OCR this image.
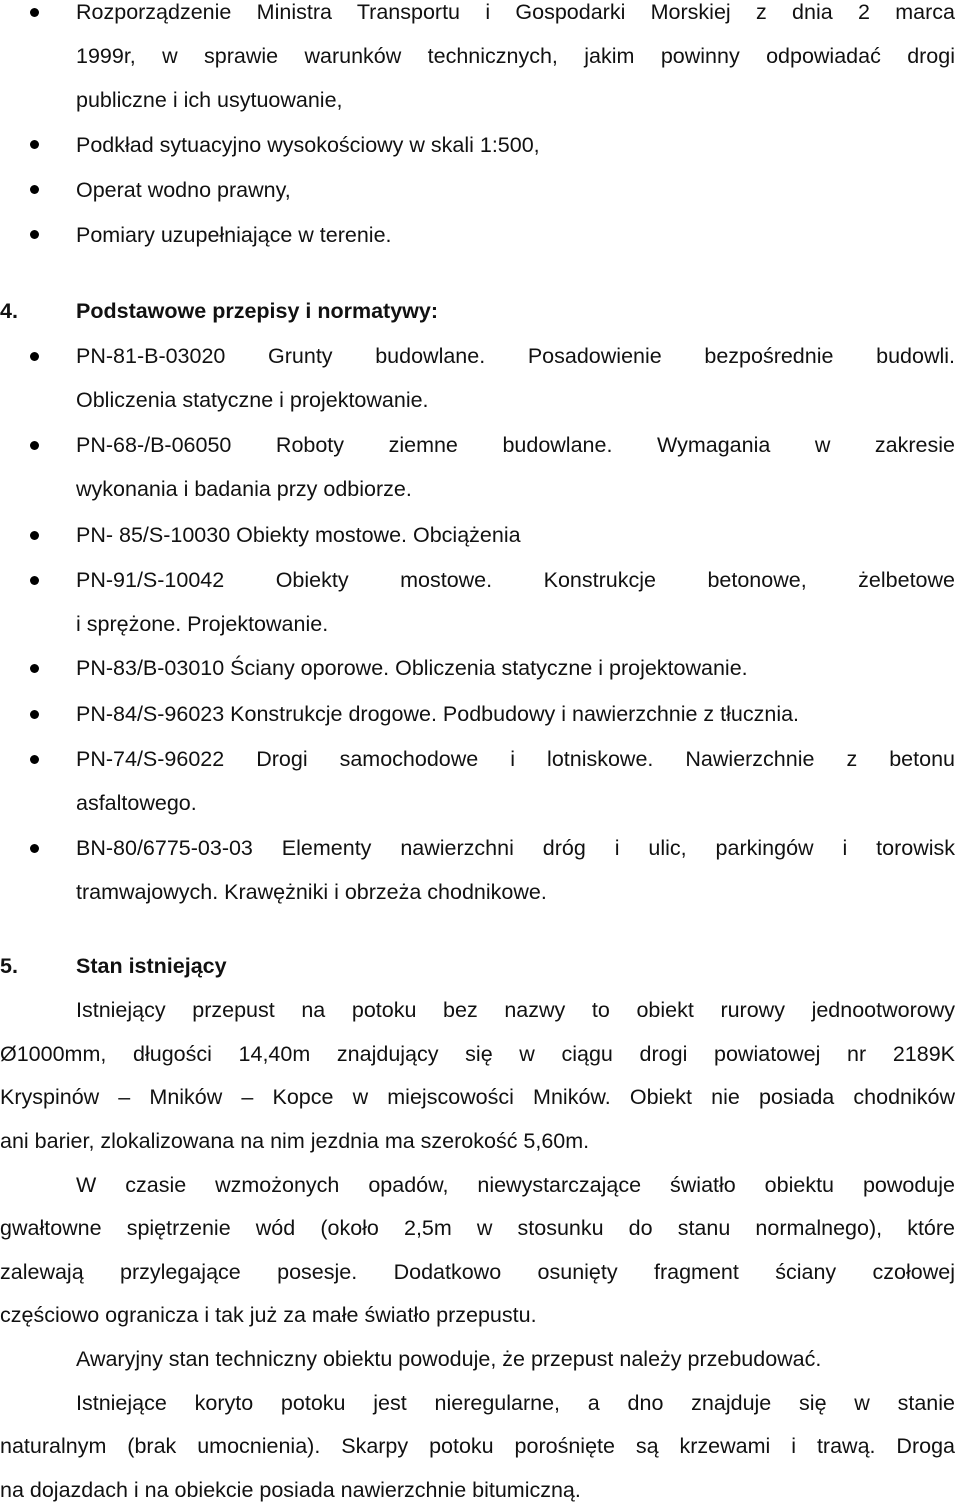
Rozporządzenie Ministra Transportu i Gospodarki Morskiej z dnia 2 marca
1999r, w sprawie warunków technicznych, jakim powinny odpowiadać drogi
publiczne i ich usytuowanie,
Podkład sytuacyjno wysokościowy w skali 1:500,
Operat wodno prawny,
Pomiary uzupełniające w terenie.
4.	Podstawowe przepisy i normatywy:
PN-81-B-03020 Grunty budowlane. Posadowienie bezpośrednie budowli.
Obliczenia statyczne i projektowanie.
PN-68-/B-06050 Roboty ziemne budowlane. Wymagania w zakresie
wykonania i badania przy odbiorze.
PN- 85/S-10030 Obiekty mostowe. Obciążenia
PN-91/S-10042 Obiekty mostowe. Konstrukcje betonowe, żelbetowe
i sprężone. Projektowanie.
PN-83/B-03010 Ściany oporowe. Obliczenia statyczne i projektowanie.
PN-84/S-96023 Konstrukcje drogowe. Podbudowy i nawierzchnie z tłucznia.
PN-74/S-96022 Drogi samochodowe i lotniskowe. Nawierzchnie z betonu
asfaltowego.
BN-80/6775-03-03 Elementy nawierzchni dróg i ulic, parkingów i torowisk
tramwajowych. Krawężniki i obrzeża chodnikowe.
5.	Stan istniejący
Istniejący przepust na potoku bez nazwy to obiekt rurowy jednootworowy
Ø1000mm, długości 14,40m znajdujący się w ciągu drogi powiatowej nr 2189K
Kryspinów – Mników – Kopce w miejscowości Mników. Obiekt nie posiada chodników
ani barier, zlokalizowana na nim jezdnia ma szerokość 5,60m.
W czasie wzmożonych opadów, niewystarczające światło obiektu powoduje
gwałtowne spiętrzenie wód (około 2,5m w stosunku do stanu normalnego), które
zalewają przylegające posesje. Dodatkowo osunięty fragment ściany czołowej
częściowo ogranicza i tak już za małe światło przepustu.
Awaryjny stan techniczny obiektu powoduje, że przepust należy przebudować.
Istniejące koryto potoku jest nieregularne, a dno znajduje się w stanie
naturalnym (brak umocnienia). Skarpy potoku porośnięte są krzewami i trawą. Droga
na dojazdach i na obiekcie posiada nawierzchnie bitumiczną.
